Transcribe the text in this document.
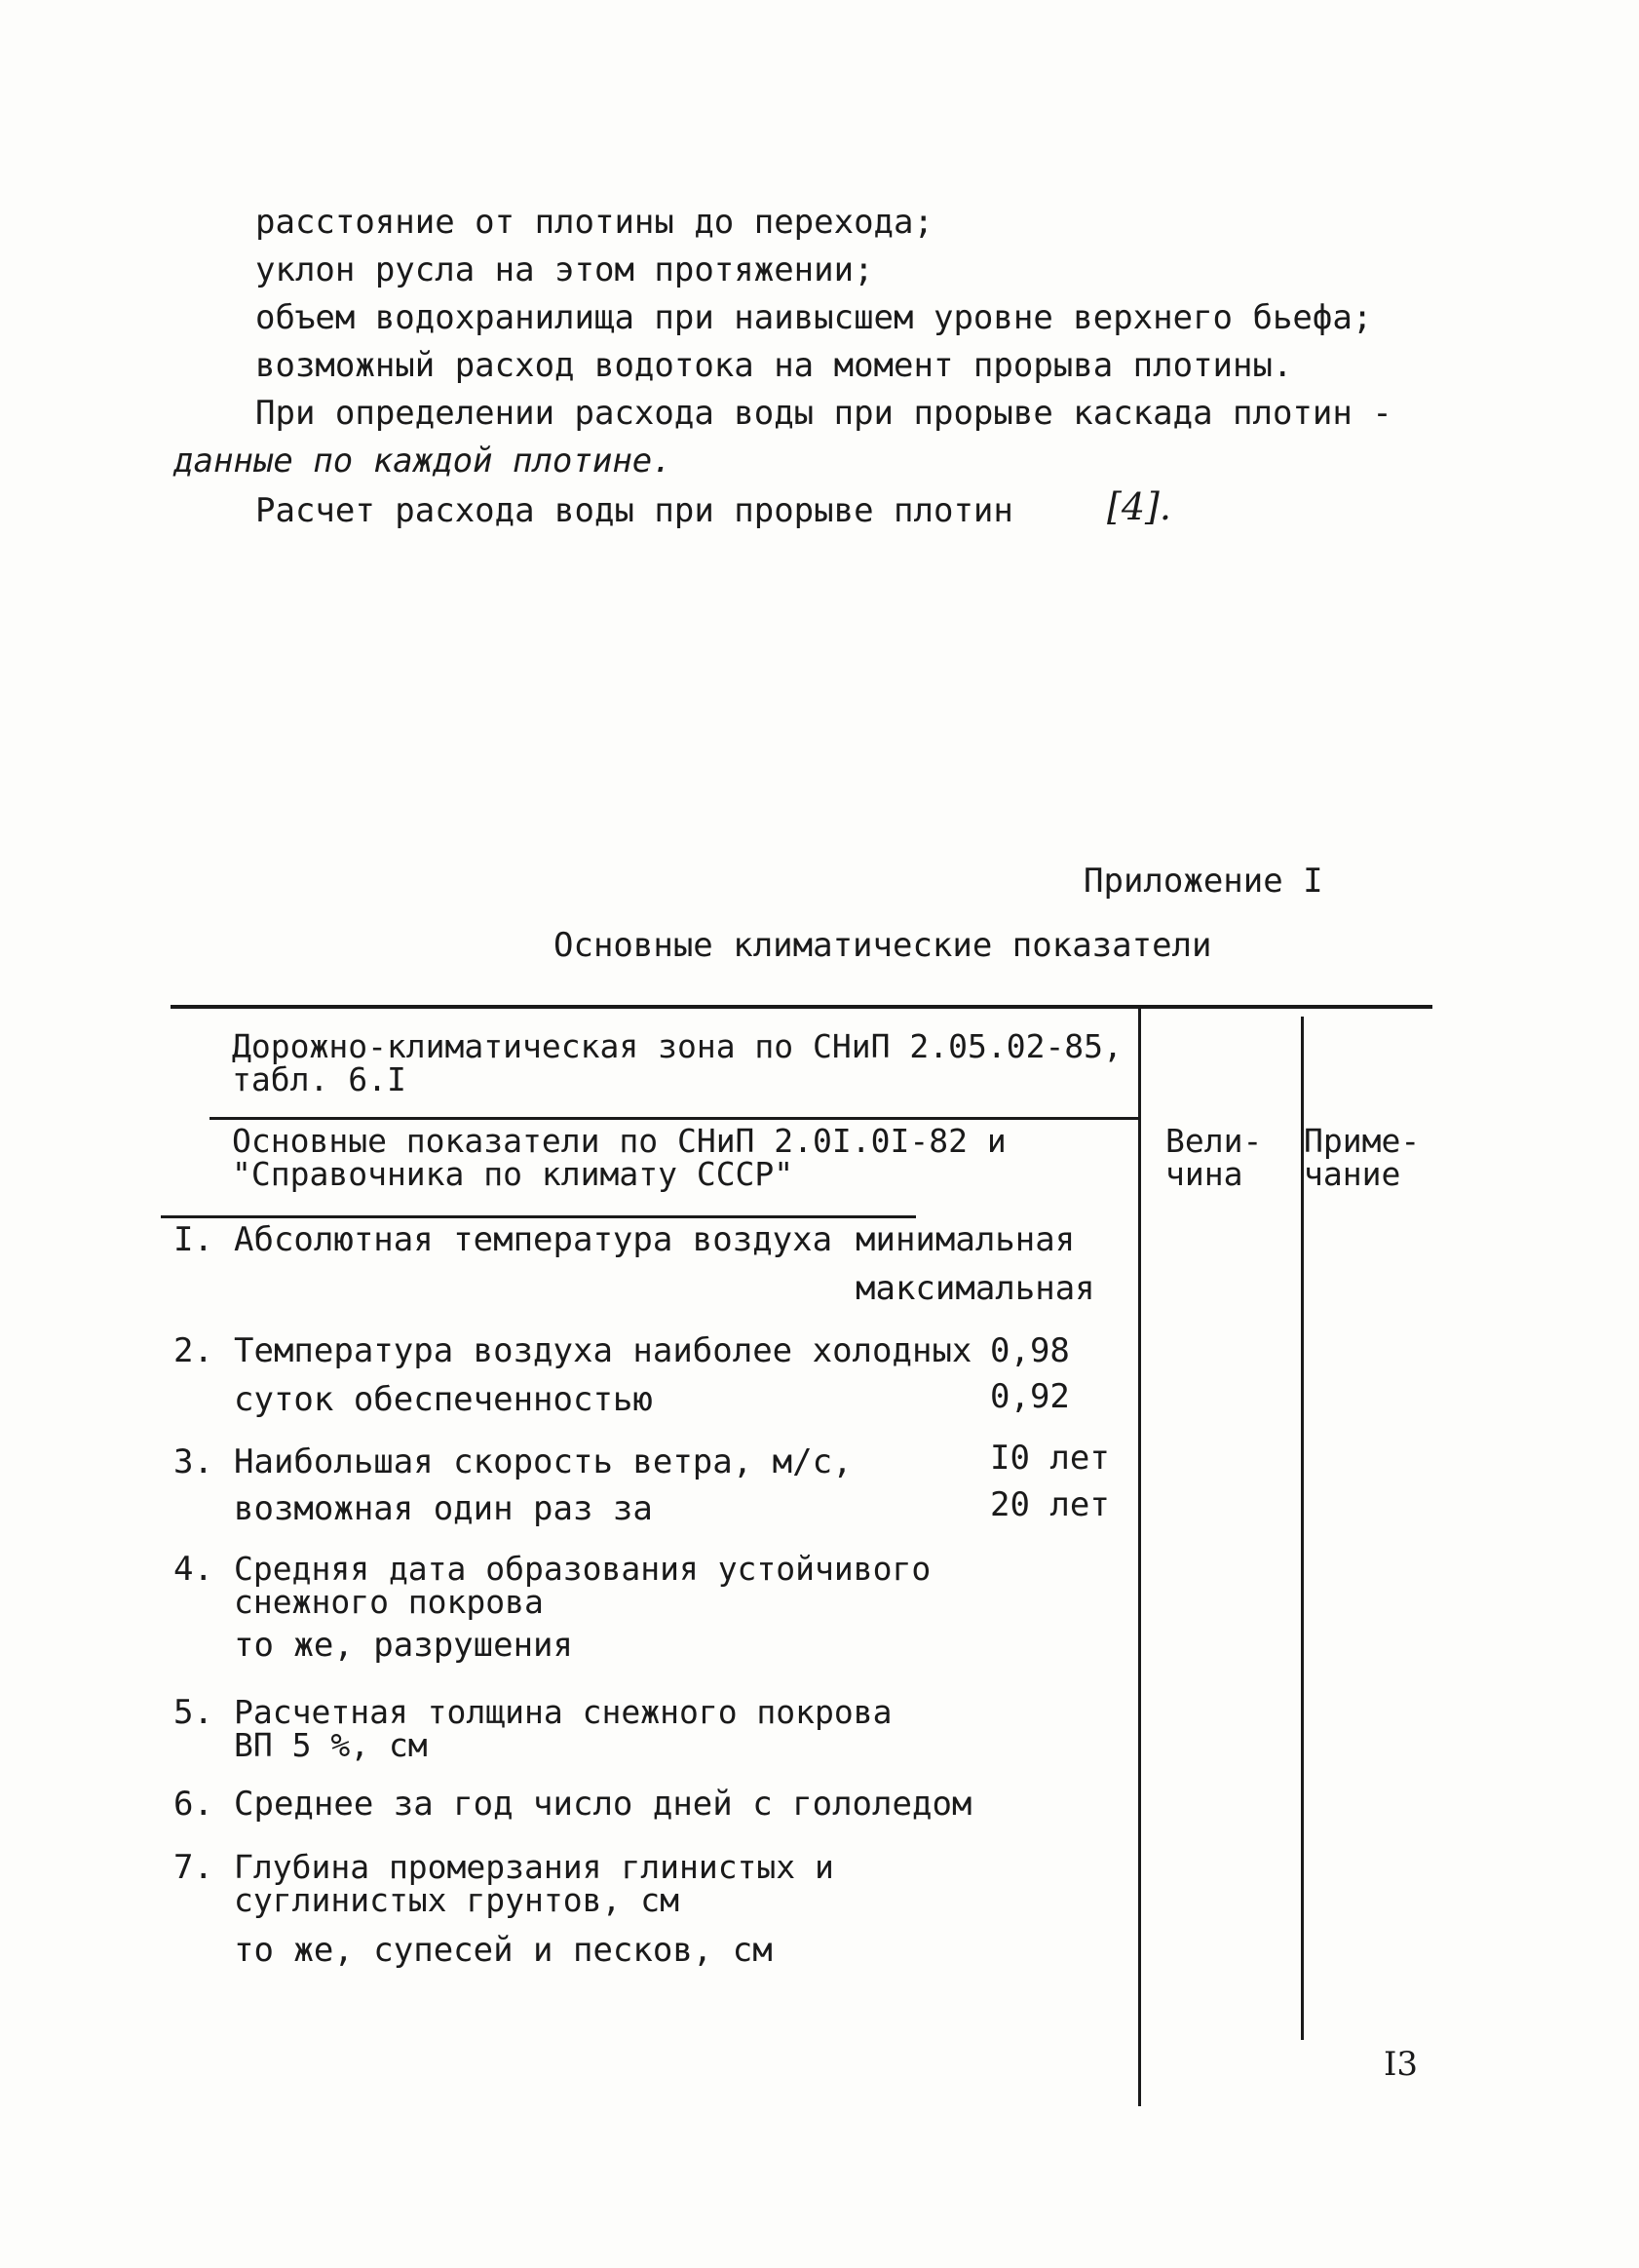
расстояние от плотины до перехода;
уклон русла на этом протяжении;
объем водохранилища при наивысшем уровне верхнего бьефа;
возможный расход водотока на момент прорыва плотины.
При определении расхода воды при прорыве каскада плотин -
данные по каждой плотине.
Расчет расхода воды при прорыве плотин	[4].
Приложение I
Основные климатические показатели
Дорожно-климатическая зона по СНиП 2.05.02-85,
табл. 6.I
Основные показатели по СНиП 2.0I.0I-82 и
"Справочника по климату СССР"
Вели-
чина
Приме-
чание
I. Абсолютная температура воздуха минимальная
максимальная
2. Температура воздуха наиболее холодных
суток обеспеченностью
0,98
0,92
3. Наибольшая скорость ветра, м/с,
возможная один раз за
I0 лет
20 лет
4. Средняя дата образования устойчивого
снежного покрова
то же, разрушения
5. Расчетная толщина снежного покрова
ВП 5 %, см
6. Среднее за год число дней с гололедом
7. Глубина промерзания глинистых и
суглинистых грунтов, см
то же, супесей и песков, см
I3
